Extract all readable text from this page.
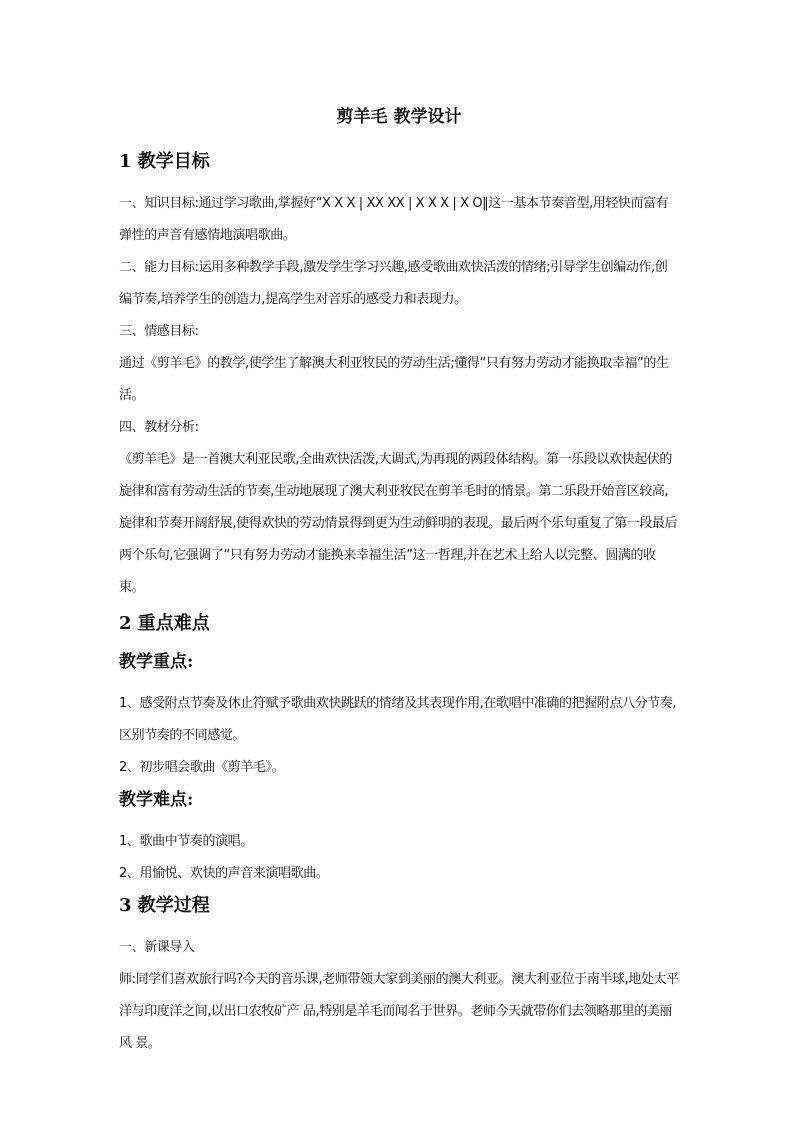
剪羊毛 教学设计
1 教学目标

一、知识目标:通过学习歌曲,掌握好“X X X | XX XX | X X X | X O‖这一基本节奏音型,用轻快而富有弹性的声音有感情地演唱歌曲。

二、能力目标:运用多种教学手段,激发学生学习兴趣,感受歌曲欢快活泼的情绪;引导学生创编动作,创编节奏,培养学生的创造力,提高学生对音乐的感受力和表现力。

三、情感目标:

通过《剪羊毛》的教学,使学生了解澳大利亚牧民的劳动生活;懂得“只有努力劳动才能换取幸福”的生活。

四、教材分析:

《剪羊毛》是一首澳大利亚民歌,全曲欢快活泼,大调式,为再现的两段体结构。第一乐段以欢快起伏的旋律和富有劳动生活的节奏,生动地展现了澳大利亚牧民在剪羊毛时的情景。第二乐段开始音区较高,旋律和节奏开阔舒展,使得欢快的劳动情景得到更为生动鲜明的表现。最后两个乐句重复了第一段最后两个乐句,它强调了“只有努力劳动才能换来幸福生活”这一哲理,并在艺术上给人以完整、圆满的收束。

2 重点难点
教学重点:

1、感受附点节奏及休止符赋予歌曲欢快跳跃的情绪及其表现作用,在歌唱中准确的把握附点八分节奏,区别节奏的不同感觉。

2、初步唱会歌曲《剪羊毛》。

教学难点:

1、歌曲中节奏的演唱。

2、用愉悦、欢快的声音来演唱歌曲。

3 教学过程

一、新课导入

师:同学们喜欢旅行吗?今天的音乐课,老师带领大家到美丽的澳大利亚。澳大利亚位于南半球,地处太平洋与印度洋之间,以出口农牧矿产 品,特别是羊毛而闻名于世界。老师今天就带你们去领略那里的美丽风 景。
